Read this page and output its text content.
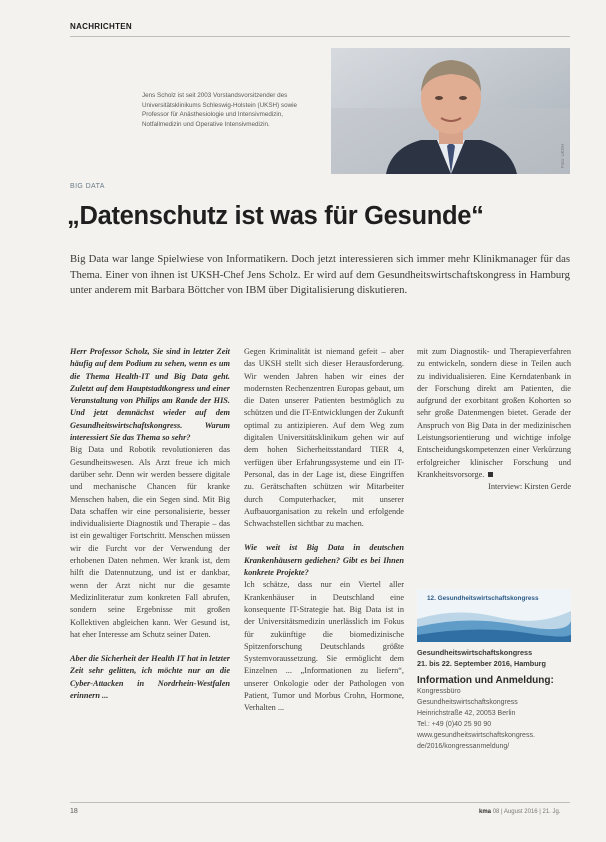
NACHRICHTEN
Jens Scholz ist seit 2003 Vorstandsvorsitzender des Universitätsklinikums Schleswig-Holstein (UKSH) sowie Professor für Anästhesiologie und Intensivmedizin, Notfallmedizin und Operative Intensivmedizin.
Foto: UKSH
BIG DATA
„Datenschutz ist was für Gesunde“
Big Data war lange Spielwiese von Informatikern. Doch jetzt interessieren sich immer mehr Klinikmanager für das Thema. Einer von ihnen ist UKSH-Chef Jens Scholz. Er wird auf dem Gesundheitswirtschaftskongress in Hamburg unter anderem mit Barbara Böttcher von IBM über Digitalisierung diskutieren.

Herr Professor Scholz, Sie sind in letzter Zeit häufig auf dem Podium zu sehen, wenn es um die Thema Health-IT und Big Data geht. Zuletzt auf dem Hauptstadtkongress und einer Veranstaltung von Philips am Rande der HIS. Und jetzt demnächst wieder auf dem Gesundheitswirtschaftskongress. Warum interessiert Sie das Thema so sehr?

Big Data und Robotik revolutionieren das Gesundheitswesen. Als Arzt freue ich mich darüber sehr. Denn wir werden bessere digitale und mechanische Chancen für kranke Menschen haben, die ein Segen sind. Mit Big Data schaffen wir eine personalisierte, besser individualisierte Diagnostik und Therapie – das ist ein gewaltiger Fortschritt. Menschen müssen wir die Furcht vor der Verwendung der erhobenen Daten nehmen. Wer krank ist, dem hilft die Datennutzung, und ist er dankbar, wenn der Arzt nicht nur die gesamte Medizinliteratur zum konkreten Fall abrufen, sondern seine Ergebnisse mit großen Kollektiven abgleichen kann. Wer Gesund ist, hat eher Interesse am Schutz seiner Daten.

Aber die Sicherheit der Health IT hat in letzter Zeit sehr gelitten, ich möchte nur an die Cyber-Attacken in Nordrhein-Westfalen erinnern ...

Gegen Kriminalität ist niemand gefeit – aber das UKSH stellt sich dieser Herausforderung. Wir wenden Jahren haben wir eines der modernsten Rechenzentren Europas gebaut, um die Daten unserer Patienten bestmöglich zu schützen und die IT-Entwicklungen der Zukunft optimal zu antizipieren. Auf dem Weg zum digitalen Universitätsklinikum gehen wir auf dem hohen Sicherheitsstandard TIER 4, verfügen über Erfahrungssysteme und ein IT-Personal, das in der Lage ist, diese Eingriffen zu. Gerätschaften schützen wir Mitarbeiter durch Computerhacker, mit unserer Aufbauorganisation zu rekeln und erfolgende Schwachstellen sichtbar zu machen.

Wie weit ist Big Data in deutschen Krankenhäusern gediehen? Gibt es bei Ihnen konkrete Projekte?

Ich schätze, dass nur ein Viertel aller Krankenhäuser in Deutschland eine konsequente IT-Strategie hat. Big Data ist in der Universitätsmedizin unerlässlich im Fokus für zukünftige die biomedizinische Spitzenforschung Deutschlands größte Systemvoraussetzung. Sie ermöglicht dem Einzelnen ... „Informationen zu liefern“, unserer Onkologie oder der Pathologen von Patient, Tumor und Morbus Crohn, Hormone, Verhalten ...

mit zum Diagnostik- und Therapieverfahren zu entwickeln, sondern diese in Teilen auch zu individualisieren. Eine Kerndatenbank in der Forschung direkt am Patienten, die aufgrund der exorbitant großen Kohorten so sehr große Datenmengen bietet. Gerade der Anspruch von Big Data in der medizinischen Leistungsorientierung und wichtige infolge Entscheidungskompetenzen einer Verkürzung erfolgreicher klinischer Forschung und Krankheitsvorsorge.

Interview: Kirsten Gerde

12. Gesundheitswirtschaftskongress
Gesundheitswirtschaftskongress
21. bis 22. September 2016, Hamburg
Information und Anmeldung:
Kongressbüro
Gesundheitswirtschaftskongress
Heinrichstraße 42, 20053 Berlin
Tel.: +49 (0)40 25 90 90
www.gesundheitswirtschaftskongress.
de/2016/kongressanmeldung/
18	kma 08 | August 2016 | 21. Jg.
